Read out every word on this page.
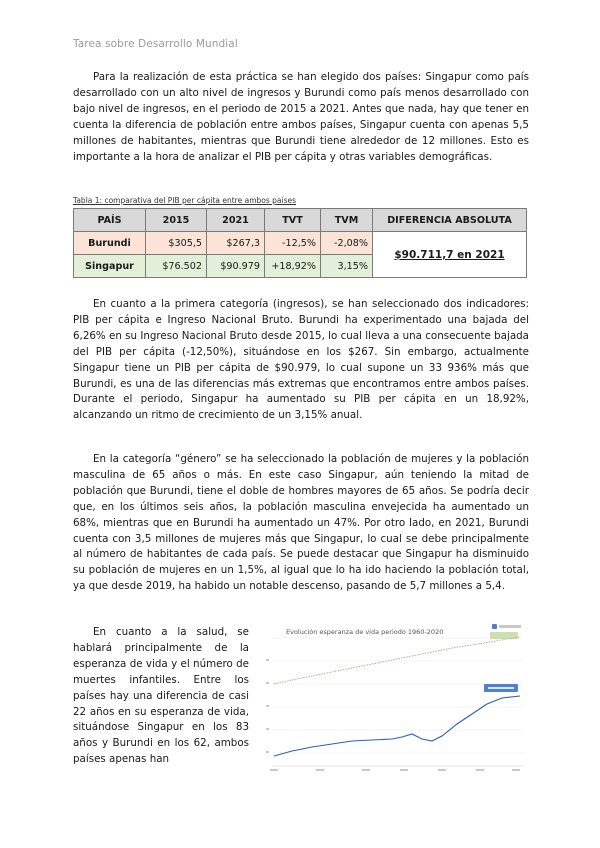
Tarea sobre Desarrollo Mundial

Para la realización de esta práctica se han elegido dos países: Singapur como país desarrollado con un alto nivel de ingresos y Burundi como país menos desarrollado con bajo nivel de ingresos, en el periodo de 2015 a 2021. Antes que nada, hay que tener en cuenta la diferencia de población entre ambos países, Singapur cuenta con apenas 5,5 millones de habitantes, mientras que Burundi tiene alrededor de 12 millones. Esto es importante a la hora de analizar el PIB per cápita y otras variables demográficas.

Tabla 1: comparativa del PIB per cápita entre ambos países
PAÍS	2015	2021	TVT	TVM	DIFERENCIA ABSOLUTA
Burundi	$305,5	$267,3	-12,5%	-2,08%	$90.711,7 en 2021
Singapur	$76.502	$90.979	+18,92%	3,15%	

En cuanto a la primera categoría (ingresos), se han seleccionado dos indicadores: PIB per cápita e Ingreso Nacional Bruto. Burundi ha experimentado una bajada del 6,26% en su Ingreso Nacional Bruto desde 2015, lo cual lleva a una consecuente bajada del PIB per cápita (-12,50%), situándose en los $267. Sin embargo, actualmente Singapur tiene un PIB per cápita de $90.979, lo cual supone un 33 936% más que Burundi, es una de las diferencias más extremas que encontramos entre ambos países. Durante el periodo, Singapur ha aumentado su PIB per cápita en un 18,92%, alcanzando un ritmo de crecimiento de un 3,15% anual.

En la categoría “género” se ha seleccionado la población de mujeres y la población masculina de 65 años o más. En este caso Singapur, aún teniendo la mitad de población que Burundi, tiene el doble de hombres mayores de 65 años. Se podría decir que, en los últimos seis años, la población masculina envejecida ha aumentado un 68%, mientras que en Burundi ha aumentado un 47%. Por otro lado, en 2021, Burundi cuenta con 3,5 millones de mujeres más que Singapur, lo cual se debe principalmente al número de habitantes de cada país. Se puede destacar que Singapur ha disminuido su población de mujeres en un 1,5%, al igual que lo ha ido haciendo la población total, ya que desde 2019, ha habido un notable descenso, pasando de 5,7 millones a 5,4.

En cuanto a la salud, se hablará principalmente de la esperanza de vida y el número de muertes infantiles. Entre los países hay una diferencia de casi 22 años en su esperanza de vida, situándose Singapur en los 83 años y Burundi en los 62, ambos países apenas han

Evolución esperanza de vida periodo 1960-2020
